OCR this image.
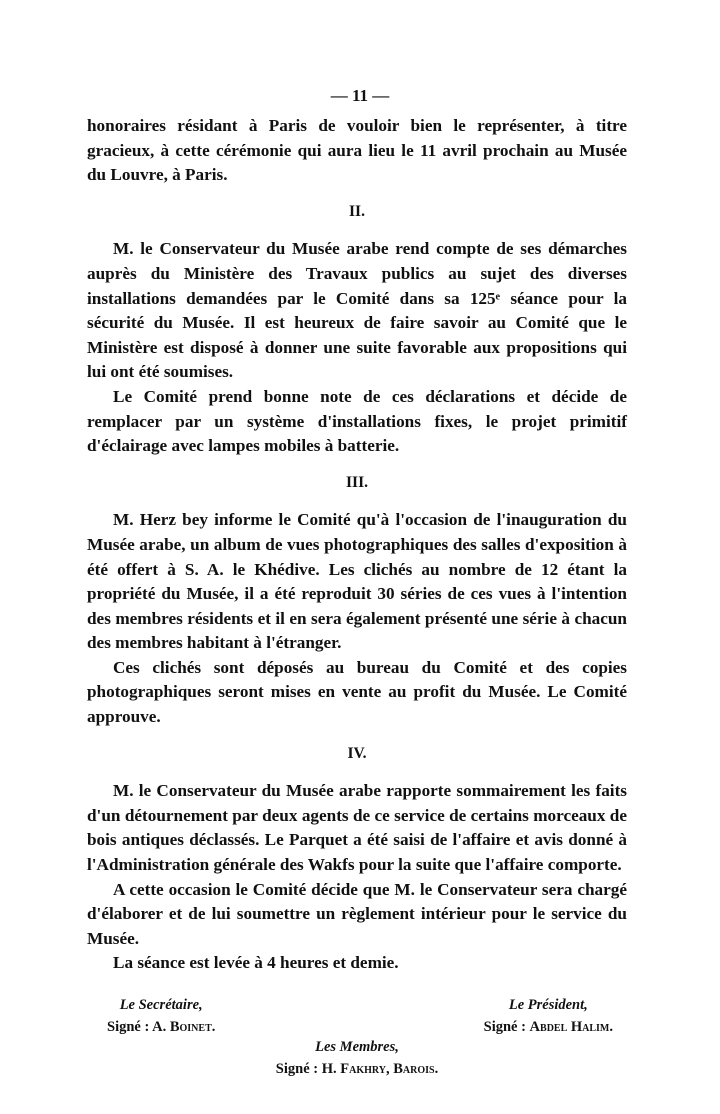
— 11 —

honoraires résidant à Paris de vouloir bien le représenter, à titre gracieux, à cette cérémonie qui aura lieu le 11 avril prochain au Musée du Louvre, à Paris.

II.

M. le Conservateur du Musée arabe rend compte de ses démarches auprès du Ministère des Travaux publics au sujet des diverses installations demandées par le Comité dans sa 125ᵉ séance pour la sécurité du Musée. Il est heureux de faire savoir au Comité que le Ministère est disposé à donner une suite favorable aux propositions qui lui ont été soumises.

Le Comité prend bonne note de ces déclarations et décide de remplacer par un système d'installations fixes, le projet primitif d'éclairage avec lampes mobiles à batterie.

III.

M. Herz bey informe le Comité qu'à l'occasion de l'inauguration du Musée arabe, un album de vues photographiques des salles d'exposition à été offert à S. A. le Khédive. Les clichés au nombre de 12 étant la propriété du Musée, il a été reproduit 30 séries de ces vues à l'intention des membres résidents et il en sera également présenté une série à chacun des membres habitant à l'étranger.

Ces clichés sont déposés au bureau du Comité et des copies photographiques seront mises en vente au profit du Musée. Le Comité approuve.

IV.

M. le Conservateur du Musée arabe rapporte sommairement les faits d'un détournement par deux agents de ce service de certains morceaux de bois antiques déclassés. Le Parquet a été saisi de l'affaire et avis donné à l'Administration générale des Wakfs pour la suite que l'affaire comporte.

A cette occasion le Comité décide que M. le Conservateur sera chargé d'élaborer et de lui soumettre un règlement intérieur pour le service du Musée.

La séance est levée à 4 heures et demie.

Le Secrétaire,
Signé : A. Boinet.
Le Président,
Signé : Abdel Halim.
Les Membres,
Signé : H. Fakhry, Barois.
